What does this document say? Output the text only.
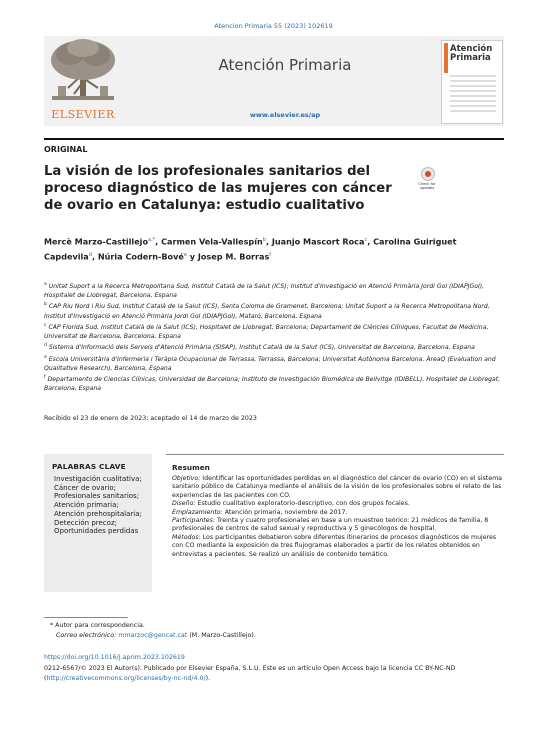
Atencion Primaria 55 (2023) 102619
ELSEVIER
Atención Primaria
www.elsevier.es/ap
Atención Primaria
ORIGINAL
La visión de los profesionales sanitarios del proceso diagnóstico de las mujeres con cáncer de ovario en Catalunya: estudio cualitativo
Check for updates
Mercè Marzo-Castillejo$^{a,*}$, Carmen Vela-Vallespín$^b$, Juanjo Mascort Roca$^c$, Carolina Guiriguet Capdevila$^d$, Núria Codern-Bové$^e$ y Josep M. Borras$^f$

$^a$ Unitat Suport a la Recerca Metropolitana Sud, Institut Català de la Salut (ICS); Institut d'Investigació en Atenció Primària Jordi Gol (IDIAPJGol), Hospitalet de Llobregat, Barcelona, Espana

$^b$ CAP Riu Nord i Riu Sud, Institut Català de la Salut (ICS), Santa Coloma de Gramenet, Barcelona; Unitat Suport a la Recerca Metropolitana Nord, Institut d'Investigació en Atenció Primària Jordi Gol (IDIAPJGol), Mataró, Barcelona, Espana

$^c$ CAP Florida Sud, Institut Català de la Salut (ICS), Hospitalet de Llobregat, Barcelona; Departament de Ciències Clíniques, Facultat de Medicina, Universitat de Barcelona, Barcelona, Espana

$^d$ Sistema d'Informació dels Serveis d'Atenció Primària (SISAP), Institut Català de la Salut (ICS), Universitat de Barcelona, Barcelona, Espana

$^e$ Escola Universitària d'Infermeria i Teràpia Ocupacional de Terrassa, Terrassa, Barcelona; Universitat Autònoma Barcelona. ÀreaQ (Evaluation and Qualitative Research), Barcelona, Espana

$^f$ Departamento de Ciencias Clínicas, Universidad de Barcelona; Instituto de Investigación Biomédica de Bellvitge (IDIBELL), Hospitalet de Llobregat, Barcelona, Espana

Recibido el 23 de enero de 2023; aceptado el 14 de marzo de 2023
PALABRAS CLAVE
Investigación cualitativa;
Cáncer de ovario;
Profesionales sanitarios;
Atención primaria;
Atención prehospitalaria;
Detección precoz;
Oportunidades perdidas
Resumen

Objetivo: Identificar las oportunidades perdidas en el diagnóstico del cáncer de ovario (CO) en el sistema sanitario público de Catalunya mediante el análisis de la visión de los profesionales sobre el relato de las experiencias de las pacientes con CO.

Diseño: Estudio cualitativo exploratorio-descriptivo, con dos grupos focales.

Emplazamiento: Atención primaria, noviembre de 2017.

Participantes: Treinta y cuatro profesionales en base a un muestreo teórico: 21 médicos de familia, 8 profesionales de centros de salud sexual y reproductiva y 5 ginecólogos de hospital.

Métodos: Los participantes debatieron sobre diferentes itinerarios de procesos diagnósticos de mujeres con CO mediante la exposición de tres flujogramas elaborados a partir de los relatos obtenidos en entrevistas a pacientes. Se realizó un análisis de contenido temático.

* Autor para correspondencia.
Correo electrónico: mmarzoc@gencat.cat (M. Marzo-Castillejo).
https://doi.org/10.1016/j.aprim.2023.102619
0212-6567/© 2023 El Autor(s). Publicado por Elsevier España, S.L.U. Este es un artículo Open Access bajo la licencia CC BY-NC-ND (http://creativecommons.org/licenses/by-nc-nd/4.0/).
